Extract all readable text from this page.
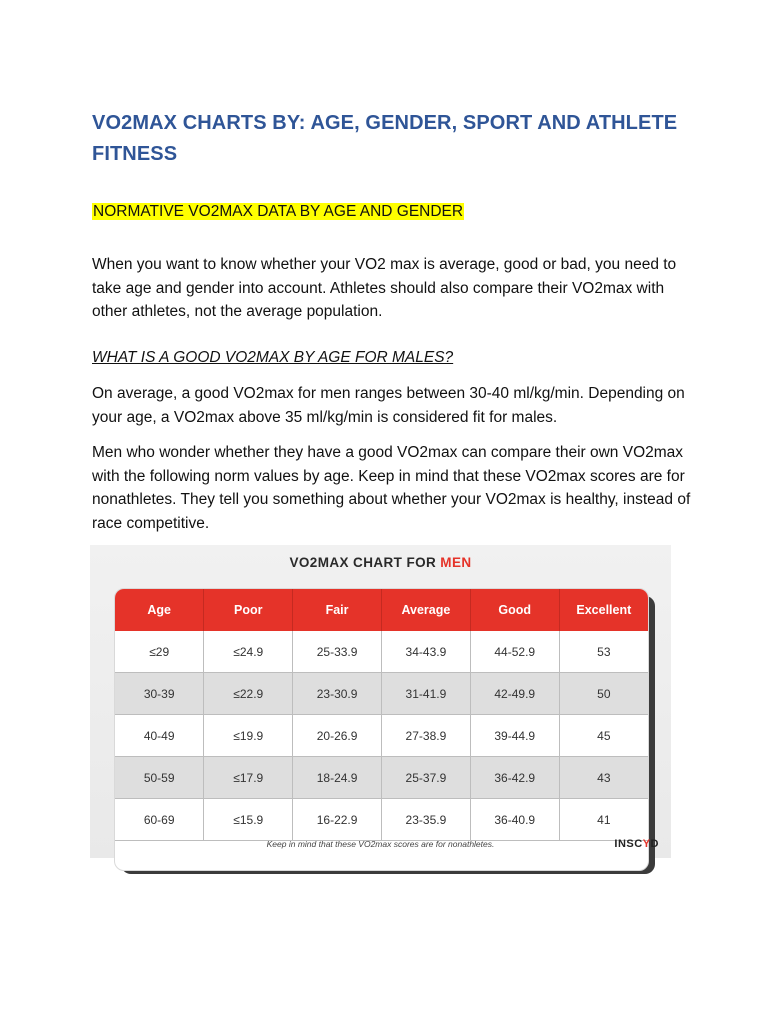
VO2MAX CHARTS BY: AGE, GENDER, SPORT AND ATHLETE FITNESS
NORMATIVE VO2MAX DATA BY AGE AND GENDER

When you want to know whether your VO2 max is average, good or bad, you need to take age and gender into account. Athletes should also compare their VO2max with other athletes, not the average population.

WHAT IS A GOOD VO2MAX BY AGE FOR MALES?

On average, a good VO2max for men ranges between 30-40 ml/kg/min. Depending on your age, a VO2max above 35 ml/kg/min is considered fit for males.

Men who wonder whether they have a good VO2max can compare their own VO2max with the following norm values by age. Keep in mind that these VO2max scores are for nonathletes. They tell you something about whether your VO2max is healthy, instead of race competitive.

VO2MAX CHART FOR MEN
Age	Poor	Fair	Average	Good	Excellent
≤29	≤24.9	25-33.9	34-43.9	44-52.9	53
30-39	≤22.9	23-30.9	31-41.9	42-49.9	50
40-49	≤19.9	20-26.9	27-38.9	39-44.9	45
50-59	≤17.9	18-24.9	25-37.9	36-42.9	43
60-69	≤15.9	16-22.9	23-35.9	36-40.9	41
Keep in mind that these VO2max scores are for nonathletes.	INSCYD
